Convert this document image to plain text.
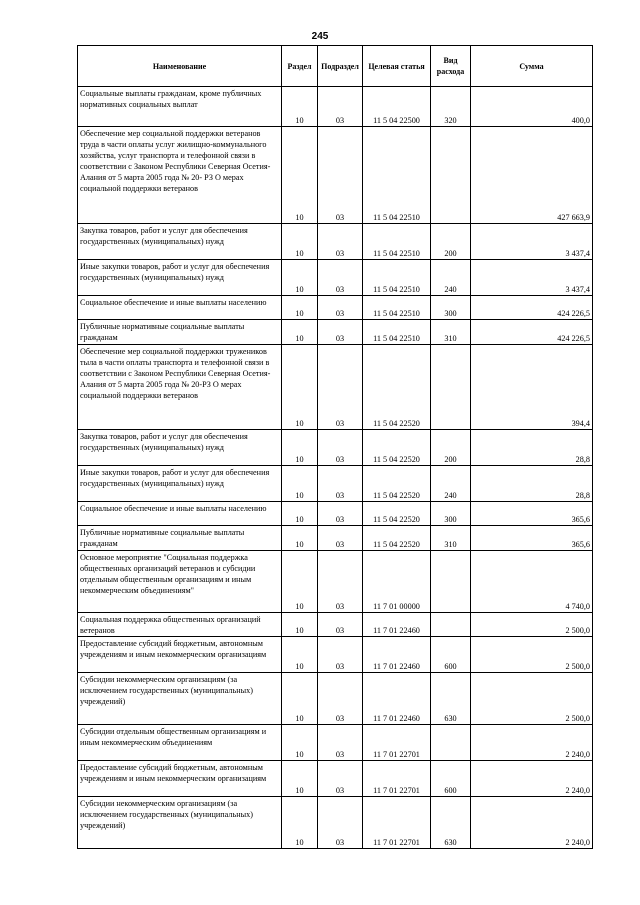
245
Наименование	Раздел	Подраздел	Целевая статья	Вид расхода	Сумма
Социальные выплаты гражданам, кроме публичных нормативных социальных выплат	10	03	11 5 04 22500	320	400,0
Обеспечение мер социальной поддержки ветеранов труда в части оплаты услуг жилищно-коммунального хозяйства, услуг транспорта и телефонной связи в соответствии с Законом Республики Северная Осетия-Алания от 5 марта 2005 года № 20- РЗ О мерах социальной поддержки ветеранов	10	03	11 5 04 22510		427 663,9
Закупка товаров, работ и услуг для обеспечения государственных (муниципальных) нужд	10	03	11 5 04 22510	200	3 437,4
Иные закупки товаров, работ и услуг для обеспечения государственных (муниципальных) нужд	10	03	11 5 04 22510	240	3 437,4
Социальное обеспечение и иные выплаты населению	10	03	11 5 04 22510	300	424 226,5
Публичные нормативные социальные выплаты гражданам	10	03	11 5 04 22510	310	424 226,5
Обеспечение мер социальной поддержки тружеников тыла в части оплаты транспорта и телефонной связи в соответствии с Законом Республики Северная Осетия-Алания от 5 марта 2005 года № 20-РЗ О мерах социальной поддержки ветеранов	10	03	11 5 04 22520		394,4
Закупка товаров, работ и услуг для обеспечения государственных (муниципальных) нужд	10	03	11 5 04 22520	200	28,8
Иные закупки товаров, работ и услуг для обеспечения государственных (муниципальных) нужд	10	03	11 5 04 22520	240	28,8
Социальное обеспечение и иные выплаты населению	10	03	11 5 04 22520	300	365,6
Публичные нормативные социальные выплаты гражданам	10	03	11 5 04 22520	310	365,6
Основное мероприятие "Социальная поддержка общественных организаций ветеранов и субсидии отдельным общественным организациям и иным некоммерческим объединениям"	10	03	11 7 01 00000		4 740,0
Социальная поддержка общественных организаций ветеранов	10	03	11 7 01 22460		2 500,0
Предоставление субсидий бюджетным, автономным учреждениям и иным некоммерческим организациям	10	03	11 7 01 22460	600	2 500,0
Субсидии некоммерческим организациям (за исключением государственных (муниципальных) учреждений)	10	03	11 7 01 22460	630	2 500,0
Субсидии отдельным общественным организациям и иным некоммерческим объединениям	10	03	11 7 01 22701		2 240,0
Предоставление субсидий бюджетным, автономным учреждениям и иным некоммерческим организациям	10	03	11 7 01 22701	600	2 240,0
Субсидии некоммерческим организациям (за исключением государственных (муниципальных) учреждений)	10	03	11 7 01 22701	630	2 240,0
